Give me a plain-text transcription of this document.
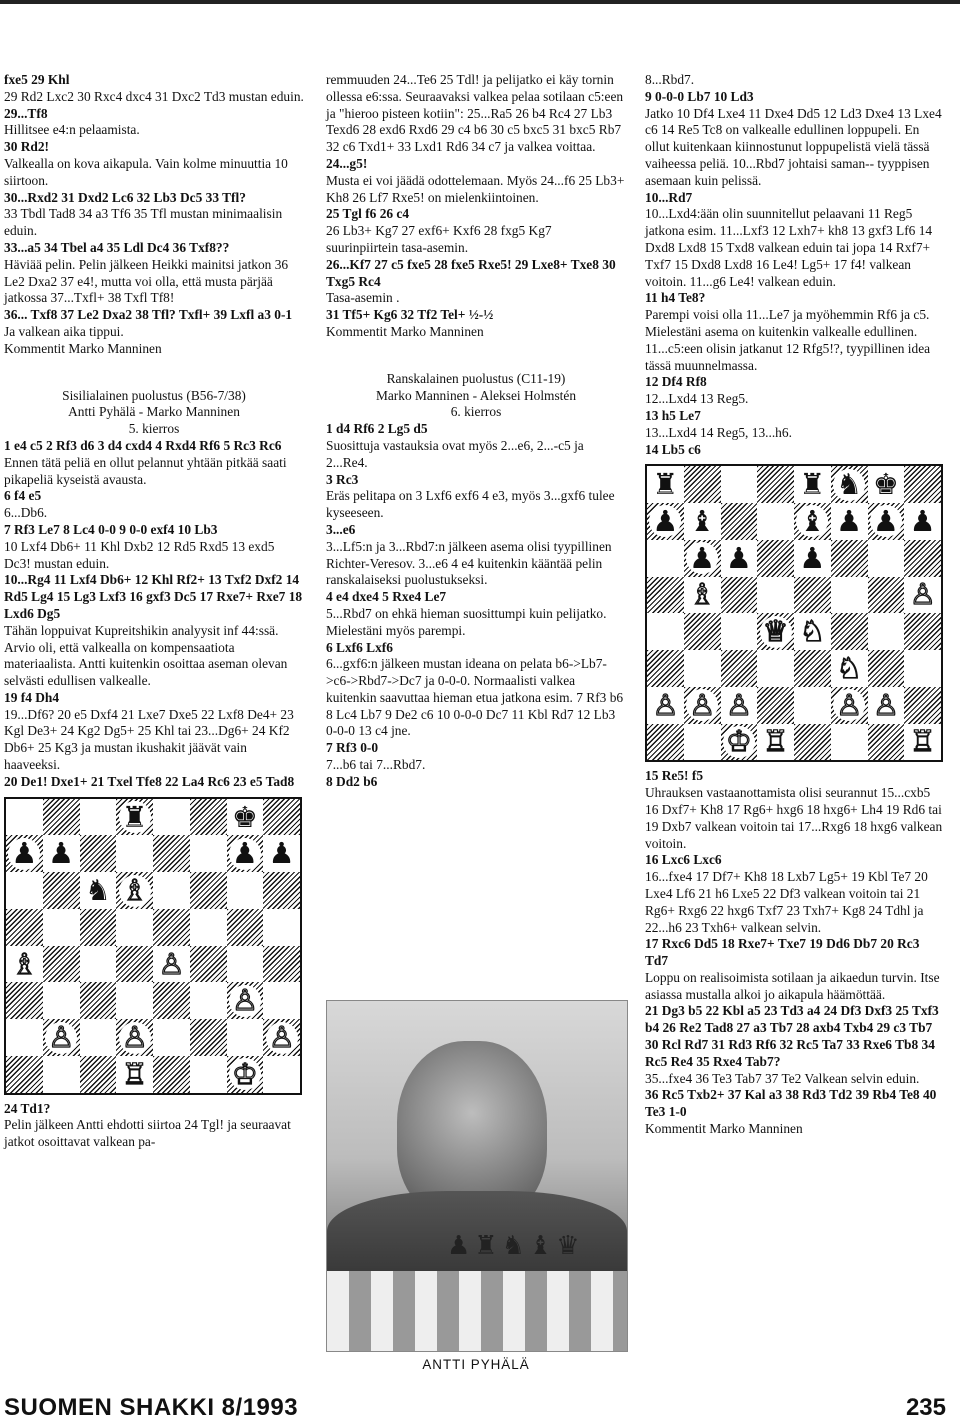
fxe5 29 Khl

29 Rd2 Lxc2 30 Rxc4 dxc4 31 Dxc2 Td3 mustan eduin.

29...Tf8

Hillitsee e4:n pelaamista.

30 Rd2!

Valkealla on kova aikapula. Vain kolme minuuttia 10 siirtoon.

30...Rxd2 31 Dxd2 Lc6 32 Lb3 Dc5 33 Tfl?

33 Tbdl Tad8 34 a3 Tf6 35 Tfl mustan minimaalisin eduin.

33...a5 34 Tbel a4 35 Ldl Dc4 36 Txf8??

Häviää pelin. Pelin jälkeen Heikki mainitsi jatkon 36 Le2 Dxa2 37 e4!, mutta voi olla, että musta pärjää jatkossa 37...Txfl+ 38 Txfl Tf8!

36... Txf8 37 Le2 Dxa2 38 Tfl? Txfl+ 39 Lxfl a3 0-1

Ja valkean aika tippui.

Kommentit Marko Manninen

Sisilialainen puolustus (B56-7/38)

Antti Pyhälä - Marko Manninen

5. kierros

1 e4 c5 2 Rf3 d6 3 d4 cxd4 4 Rxd4 Rf6 5 Rc3 Rc6

Ennen tätä peliä en ollut pelannut yhtään pitkää saati pikapeliä kyseistä avausta.

6 f4 e5

6...Db6.

7 Rf3 Le7 8 Lc4 0-0 9 0-0 exf4 10 Lb3

10 Lxf4 Db6+ 11 Khl Dxb2 12 Rd5 Rxd5 13 exd5 Dc3! mustan eduin.

10...Rg4 11 Lxf4 Db6+ 12 Khl Rf2+ 13 Txf2 Dxf2 14 Rd5 Lg4 15 Lg3 Lxf3 16 gxf3 Dc5 17 Rxe7+ Rxe7 18 Lxd6 Dg5

Tähän loppuivat Kupreitshikin analyysit inf 44:ssä. Arvio oli, että valkealla on kompensaatiota materiaalista. Antti kuitenkin osoittaa aseman olevan selvästi edullisen valkealle.

19 f4 Dh4

19...Df6? 20 e5 Dxf4 21 Lxe7 Dxe5 22 Lxf8 De4+ 23 Kgl De3+ 24 Kg2 Dg5+ 25 Khl tai 23...Dg6+ 24 Kf2 Db6+ 25 Kg3 ja mustan ikushakit jäävät vain haaveeksi.

20 De1! Dxe1+ 21 Txel Tfe8 22 La4 Rc6 23 e5 Tad8

♜	♚
♟ ♟	♟ ♟
♞ ♗
♗	♙
♙
♙ ♙	♙
♖	♔

24 Td1?

Pelin jälkeen Antti ehdotti siirtoa 24 Tgl! ja seuraavat jatkot osoittavat valkean pa-

remmuuden 24...Te6 25 Tdl! ja pelijatko ei käy tornin ollessa e6:ssa. Seuraavaksi valkea pelaa sotilaan c5:een ja "hieroo pisteen kotiin": 25...Ra5 26 b4 Rc4 27 Lb3 Texd6 28 exd6 Rxd6 29 c4 b6 30 c5 bxc5 31 bxc5 Rb7 32 c6 Txd1+ 33 Lxd1 Rd6 34 c7 ja valkea voittaa.

24...g5!

Musta ei voi jäädä odottelemaan. Myös 24...f6 25 Lb3+ Kh8 26 Lf7 Rxe5! on mielenkiintoinen.

25 Tgl f6 26 c4

26 Lb3+ Kg7 27 exf6+ Kxf6 28 fxg5 Kg7 suurinpiirtein tasa-asemin.

26...Kf7 27 c5 fxe5 28 fxe5 Rxe5! 29 Lxe8+ Txe8 30 Txg5 Rc4

Tasa-asemin .

31 Tf5+ Kg6 32 Tf2 Tel+ ½-½

Kommentit Marko Manninen

Ranskalainen puolustus (C11-19)

Marko Manninen - Aleksei Holmstén

6. kierros

1 d4 Rf6 2 Lg5 d5

Suosittuja vastauksia ovat myös 2...e6, 2...-c5 ja 2...Re4.

3 Rc3

Eräs pelitapa on 3 Lxf6 exf6 4 e3, myös 3...gxf6 tulee kyseeseen.

3...e6

3...Lf5:n ja 3...Rbd7:n jälkeen asema olisi tyypillinen Richter-Veresov. 3...e6 4 e4 kuitenkin kääntää pelin ranskalaiseksi puolustukseksi.

4 e4 dxe4 5 Rxe4 Le7

5...Rbd7 on ehkä hieman suosittumpi kuin pelijatko. Mielestäni myös parempi.

6 Lxf6 Lxf6

6...gxf6:n jälkeen mustan ideana on pelata b6->Lb7->c6->Rbd7->Dc7 ja 0-0-0. Normaalisti valkea kuitenkin saavuttaa hieman etua jatkona esim. 7 Rf3 b6 8 Lc4 Lb7 9 De2 c6 10 0-0-0 Dc7 11 Kbl Rd7 12 Lb3 0-0-0 13 c4 jne.

7 Rf3 0-0

7...b6 tai 7...Rbd7.

8 Dd2 b6

8...Rbd7.

9 0-0-0 Lb7 10 Ld3

Jatko 10 Df4 Lxe4 11 Dxe4 Dd5 12 Ld3 Dxe4 13 Lxe4 c6 14 Re5 Tc8 on valkealle edullinen loppupeli. En ollut kuitenkaan kiinnostunut loppupelistä vielä tässä vaiheessa peliä. 10...Rbd7 johtaisi saman-- tyyppisen asemaan kuin pelissä.

10...Rd7

10...Lxd4:ään olin suunnitellut pelaavani 11 Reg5 jatkona esim. 11...Lxf3 12 Lxh7+ kh8 13 gxf3 Lf6 14 Dxd8 Lxd8 15 Txd8 valkean eduin tai jopa 14 Rxf7+ Txf7 15 Dxd8 Lxd8 16 Le4! Lg5+ 17 f4! valkean voitoin. 11...g6 Le4! valkean eduin.

11 h4 Te8?

Parempi voisi olla 11...Le7 ja myöhemmin Rf6 ja c5. Mielestäni asema on kuitenkin valkealle edullinen. 11...c5:een olisin jatkanut 12 Rfg5!?, tyypillinen idea tässä muunnelmassa.

12 Df4 Rf8

12...Lxd4 13 Reg5.

13 h5 Le7

13...Lxd4 14 Reg5, 13...h6.

14 Lb5 c6

♜	♜ ♞ ♚
♟ ♝	♝ ♟ ♟ ♟
♟ ♟ ♟
♗	♙
♕ ♘
♘
♙ ♙ ♙	♙ ♙
♔ ♖	♖

15 Re5! f5

Uhrauksen vastaanottamista olisi seurannut 15...cxb5 16 Dxf7+ Kh8 17 Rg6+ hxg6 18 hxg6+ Lh4 19 Rd6 tai 19 Dxb7 valkean voitoin tai 17...Rxg6 18 hxg6 valkean voitoin.

16 Lxc6 Lxc6

16...fxe4 17 Df7+ Kh8 18 Lxb7 Lg5+ 19 Kbl Te7 20 Lxe4 Lf6 21 h6 Lxe5 22 Df3 valkean voitoin tai 21 Rg6+ Rxg6 22 hxg6 Txf7 23 Txh7+ Kg8 24 Tdhl ja 22...h6 23 Txh6+ valkean selvin.

17 Rxc6 Dd5 18 Rxe7+ Txe7 19 Dd6 Db7 20 Rc3 Td7

Loppu on realisoimista sotilaan ja aikaedun turvin. Itse asiassa mustalla alkoi jo aikapula häämöttää.

21 Dg3 b5 22 Kbl a5 23 Td3 a4 24 Df3 Dxf3 25 Txf3 b4 26 Re2 Tad8 27 a3 Tb7 28 axb4 Txb4 29 c3 Tb7 30 Rcl Rd7 31 Rd3 Rf6 32 Rc5 Ta7 33 Rxe6 Tb8 34 Rc5 Re4 35 Rxe4 Tab7?

35...fxe4 36 Te3 Tab7 37 Te2 Valkean selvin eduin.

36 Rc5 Txb2+ 37 Kal a3 38 Rd3 Td2 39 Rb4 Te8 40 Te3 1-0

Kommentit Marko Manninen

♟♜♞♝♛
ANTTI PYHÄLÄ
SUOMEN SHAKKI 8/1993	235
